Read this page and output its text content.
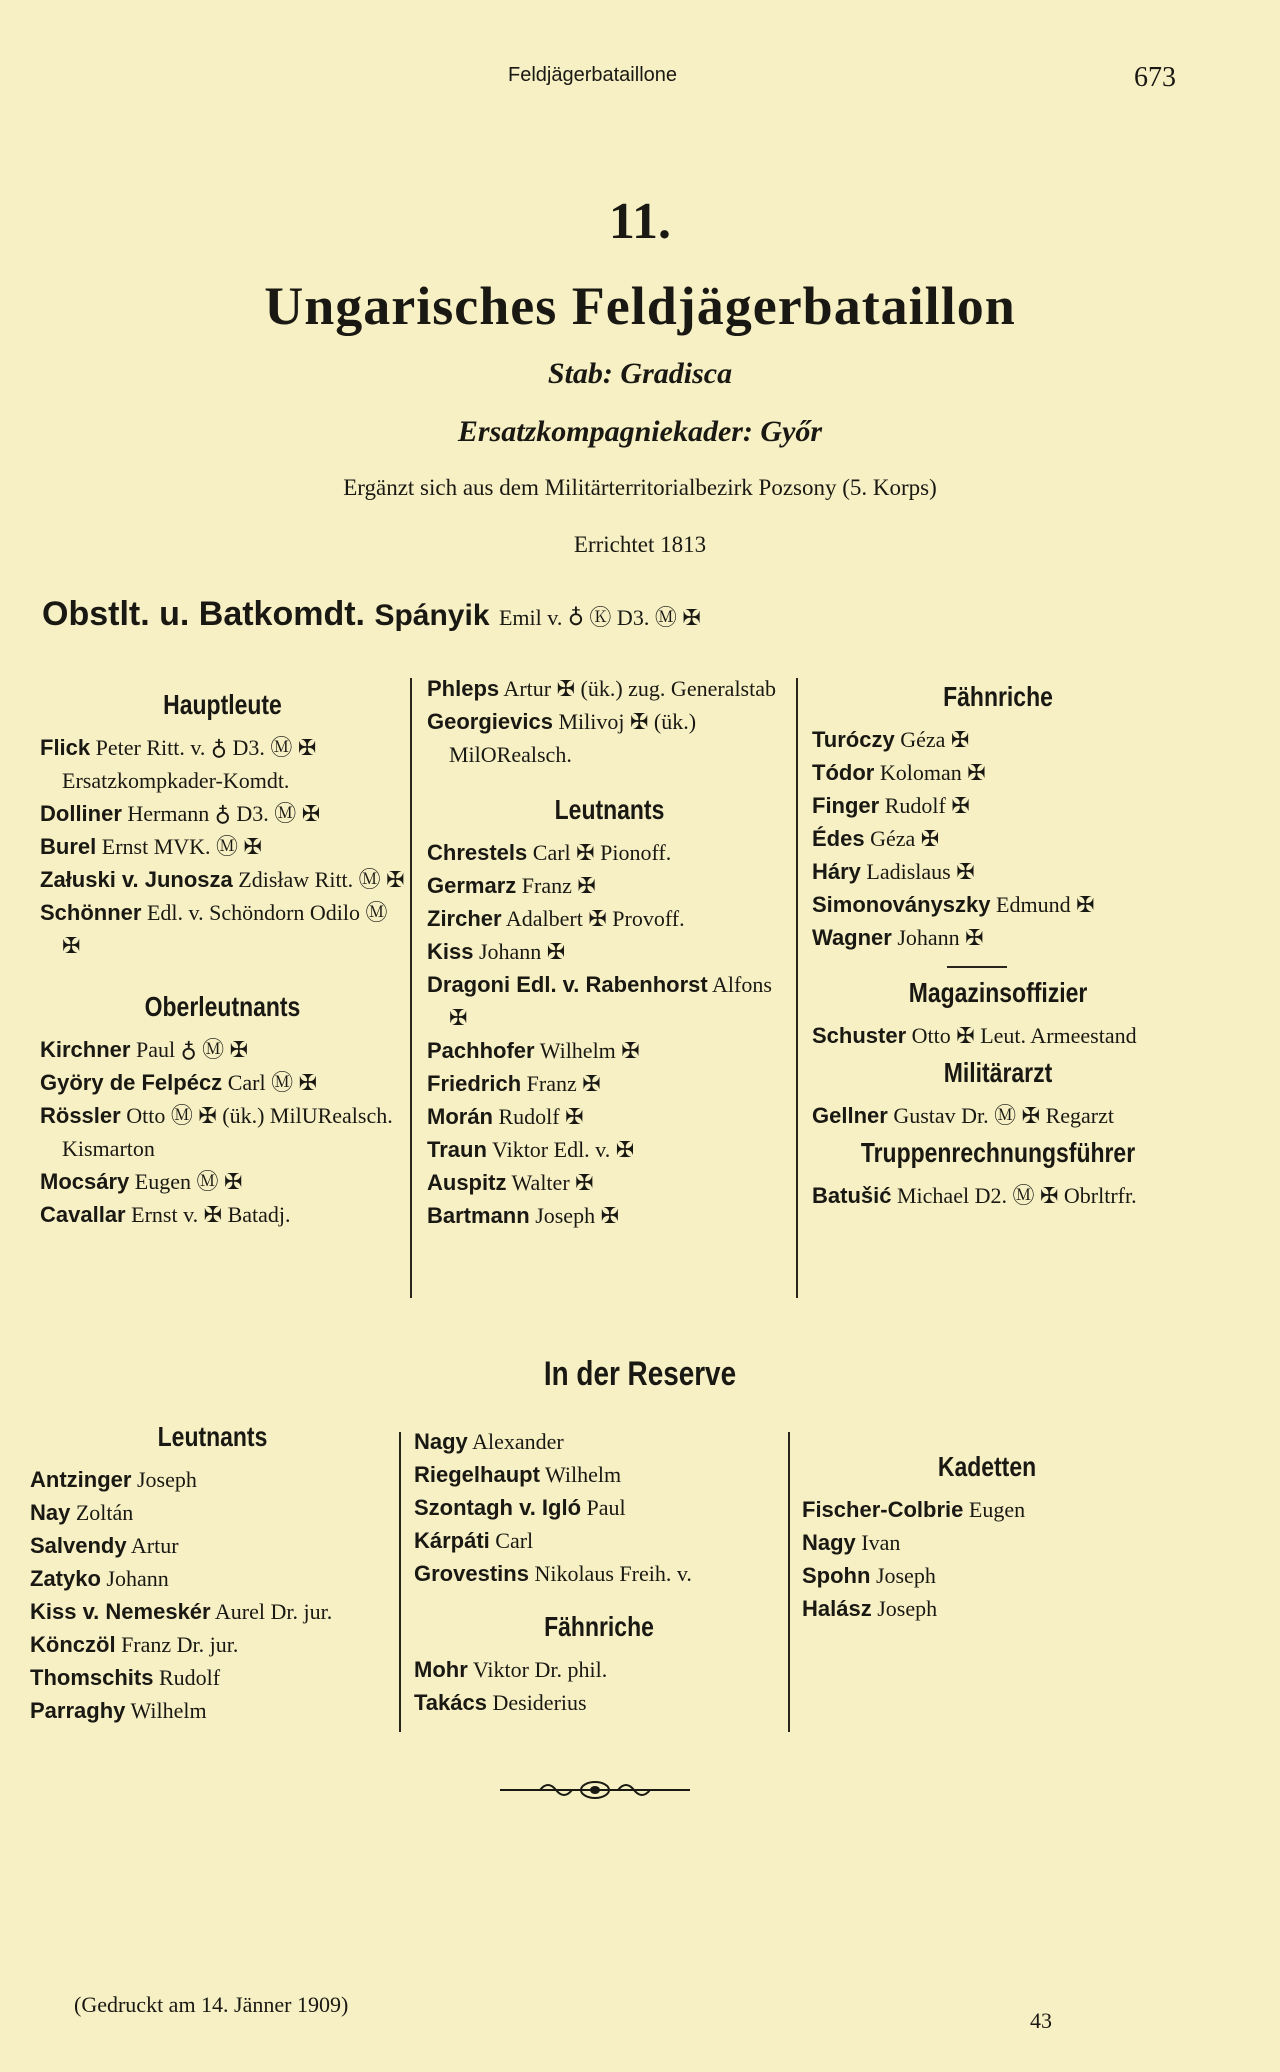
Feldjägerbataillone	673
11.
Ungarisches Feldjägerbataillon
Stab: Gradisca
Ersatzkompagniekader: Győr
Ergänzt sich aus dem Militärterritorialbezirk Pozsony (5. Korps)
Errichtet 1813
Obstlt. u. Batkomdt. Spányik Emil v. ♁ Ⓚ D3. Ⓜ ✠
Hauptleute
Flick Peter Ritt. v. ♁ D3. Ⓜ ✠ Ersatzkompkader-Komdt.
Dolliner Hermann ♁ D3. Ⓜ ✠
Burel Ernst MVK. Ⓜ ✠
Załuski v. Junosza Zdisław Ritt. Ⓜ ✠
Schönner Edl. v. Schöndorn Odilo Ⓜ ✠
Oberleutnants
Kirchner Paul ♁ Ⓜ ✠
Györy de Felpécz Carl Ⓜ ✠
Rössler Otto Ⓜ ✠ (ük.) MilURealsch. Kismarton
Mocsáry Eugen Ⓜ ✠
Cavallar Ernst v. ✠ Batadj.
Phleps Artur ✠ (ük.) zug. Generalstab
Georgievics Milivoj ✠ (ük.) MilORealsch.
Leutnants
Chrestels Carl ✠ Pionoff.
Germarz Franz ✠
Zircher Adalbert ✠ Provoff.
Kiss Johann ✠
Dragoni Edl. v. Rabenhorst Alfons ✠
Pachhofer Wilhelm ✠
Friedrich Franz ✠
Morán Rudolf ✠
Traun Viktor Edl. v. ✠
Auspitz Walter ✠
Bartmann Joseph ✠
Fähnriche
Turóczy Géza ✠
Tódor Koloman ✠
Finger Rudolf ✠
Édes Géza ✠
Háry Ladislaus ✠
Simonoványszky Edmund ✠
Wagner Johann ✠
Magazinsoffizier
Schuster Otto ✠ Leut. Armeestand
Militärarzt
Gellner Gustav Dr. Ⓜ ✠ Regarzt
Truppenrechnungsführer
Batušić Michael D2. Ⓜ ✠ Obrltrfr.
In der Reserve
Leutnants
Antzinger Joseph
Nay Zoltán
Salvendy Artur
Zatyko Johann
Kiss v. Nemeskér Aurel Dr. jur.
Könczöl Franz Dr. jur.
Thomschits Rudolf
Parraghy Wilhelm
Nagy Alexander
Riegelhaupt Wilhelm
Szontagh v. Igló Paul
Kárpáti Carl
Grovestins Nikolaus Freih. v.
Fähnriche
Mohr Viktor Dr. phil.
Takács Desiderius
Kadetten
Fischer-Colbrie Eugen
Nagy Ivan
Spohn Joseph
Halász Joseph
(Gedruckt am 14. Jänner 1909)
43
